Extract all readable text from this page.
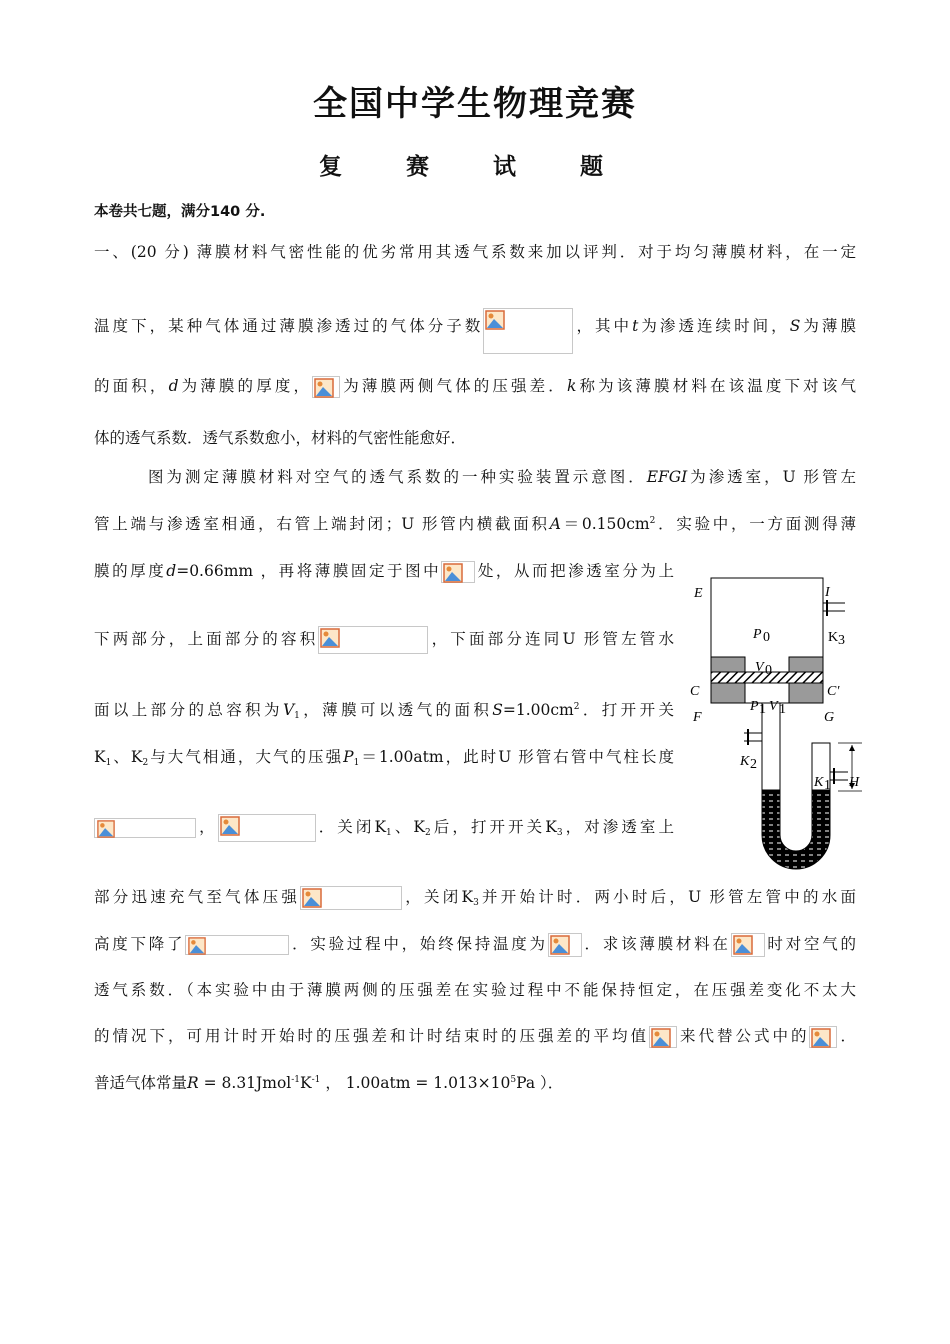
全国中学生物理竞赛
复 赛 试 题
本卷共七题，满分140 分.
一、(20 分) 薄膜材料气密性能的优劣常用其透气系数来加以评判．对于均匀薄膜材料，在一定
温度下，某种气体通过薄膜渗透过的气体分子数	，其中t为渗透连续时间，S为薄膜
的面积，d为薄膜的厚度， 为薄膜两侧气体的压强差．k称为该薄膜材料在该温度下对该气
体的透气系数．透气系数愈小，材料的气密性能愈好．
图为测定薄膜材料对空气的透气系数的一种实验装置示意图．EFGI为渗透室，U 形管左
管上端与渗透室相通，右管上端封闭；U 形管内横截面积$A=0.150cm^2$．实验中，一方面测得薄
膜的厚度d=0.66mm ，再将薄膜固定于图中 处，从而把渗透室分为上
下两部分，上面部分的容积	，下面部分连同U 形管左管水
面以上部分的总容积为$V_1$，薄膜可以透气的面积$S=1.00cm^2$．打开开关
$K_1$、$K_2$与大气相通，大气的压强$P_1=1.00atm$，此时U 形管右管中气柱长度
，	．关闭$K_1$、$K_2$后，打开开关$K_3$，对渗透室上
部分迅速充气至气体压强	，关闭$K_3$并开始计时．两小时后，U 形管左管中的水面
高度下降了	．实验过程中，始终保持温度为 ．求该薄膜材料在 时对空气的
透气系数．（本实验中由于薄膜两侧的压强差在实验过程中不能保持恒定，在压强差变化不太大
的情况下，可用计时开始时的压强差和计时结束时的压强差的平均值 来代替公式中的 ．
普适气体常量$R = 8.31Jmol^{-1}K^{-1}$ ， $1.00atm = 1.013\times 10^5Pa$ ）．
E	I
P 0	K 3
V 0
C	C′
F	G
P 1 V 1
K 2
K 1 H
